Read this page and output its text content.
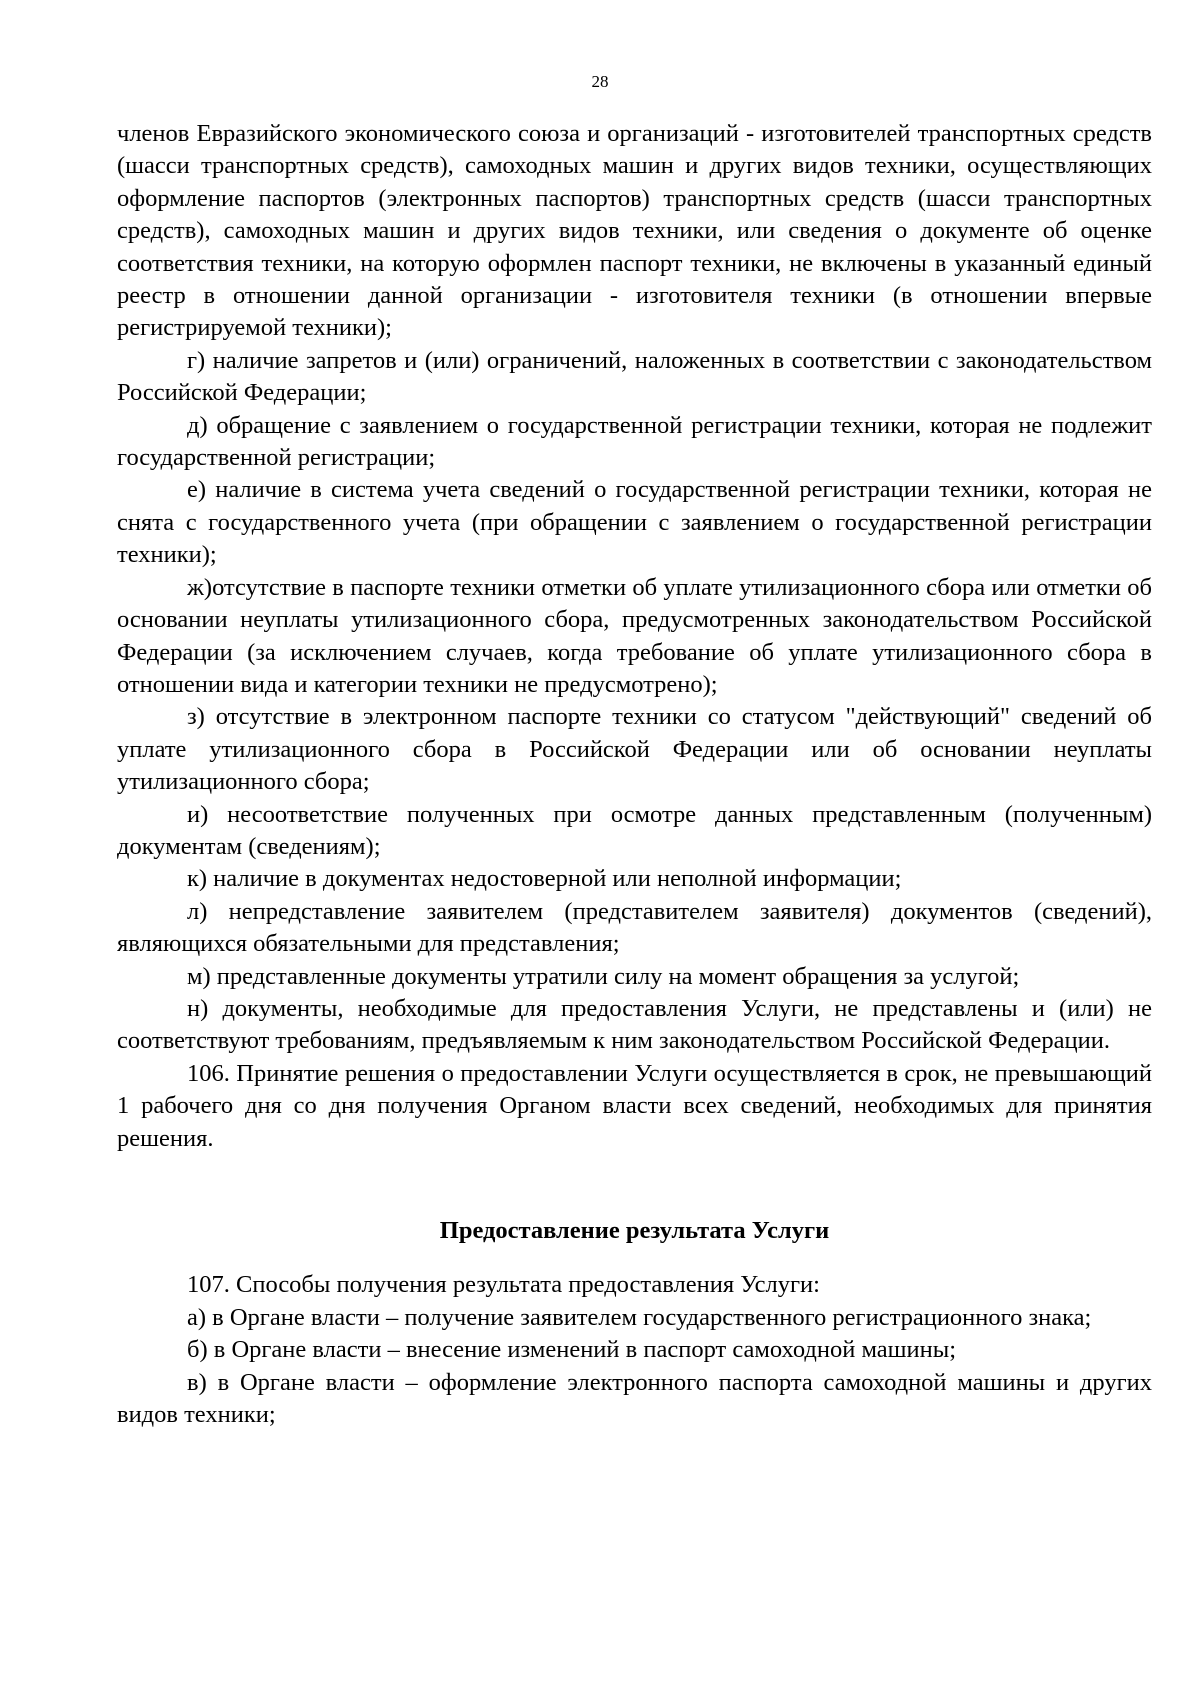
28

членов Евразийского экономического союза и организаций - изготовителей транспортных средств (шасси транспортных средств), самоходных машин и других видов техники, осуществляющих оформление паспортов (электронных паспортов) транспортных средств (шасси транспортных средств), самоходных машин и других видов техники, или сведения о документе об оценке соответствия техники, на которую оформлен паспорт техники, не включены в указанный единый реестр в отношении данной организации - изготовителя техники (в отношении впервые регистрируемой техники);

г) наличие запретов и (или) ограничений, наложенных в соответствии с законодательством Российской Федерации;

д) обращение с заявлением о государственной регистрации техники, которая не подлежит государственной регистрации;

е) наличие в система учета сведений о государственной регистрации техники, которая не снята с государственного учета (при обращении с заявлением о государственной регистрации техники);

ж)отсутствие в паспорте техники отметки об уплате утилизационного сбора или отметки об основании неуплаты утилизационного сбора, предусмотренных законодательством Российской Федерации (за исключением случаев, когда требование об уплате утилизационного сбора в отношении вида и категории техники не предусмотрено);

з) отсутствие в электронном паспорте техники со статусом "действующий" сведений об уплате утилизационного сбора в Российской Федерации или об основании неуплаты утилизационного сбора;

и) несоответствие полученных при осмотре данных представленным (полученным) документам (сведениям);

к) наличие в документах недостоверной или неполной информации;

л) непредставление заявителем (представителем заявителя) документов (сведений), являющихся обязательными для представления;

м) представленные документы утратили силу на момент обращения за услугой;

н) документы, необходимые для предоставления Услуги, не представлены и (или) не соответствуют требованиям, предъявляемым к ним законодательством Российской Федерации.

106. Принятие решения о предоставлении Услуги осуществляется в срок, не превышающий 1 рабочего дня со дня получения Органом власти всех сведений, необходимых для принятия решения.

Предоставление результата Услуги

107. Способы получения результата предоставления Услуги:

а) в Органе власти – получение заявителем государственного регистрационного знака;

б) в Органе власти – внесение изменений в паспорт самоходной машины;

в) в Органе власти – оформление электронного паспорта самоходной машины и других видов техники;
